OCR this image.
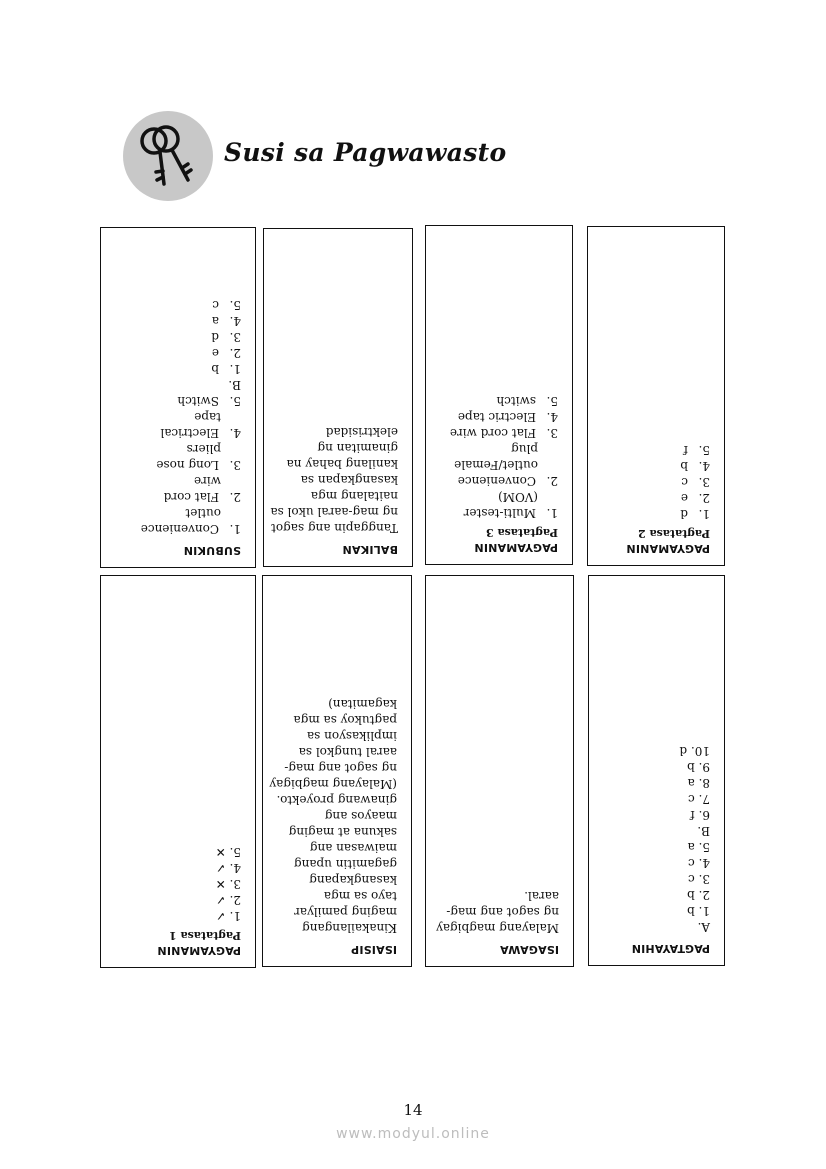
Susi sa Pagwawasto
SUBUKIN
1.Convenience
outlet
2.Flat cord
wire
3.Long nose
pliers
4.Electrical
tape
5.Switch
B.
1.b
2.e
3.d
4.a
5.c
BALIKAN
Tanggapin ang sagot
ng mag-aaral ukol sa
naitalang mga
kasangkapan sa
kanilang bahay na
ginamitan ng
elektrisidad
PAGYAMANIN
Pagtatasa 3
1.Multi-tester
(VOM)
2.Convenience
outlet/Female
plug
3.Flat cord wire
4.Electric tape
5.switch
PAGYAMANIN
Pagtatasa 2
1.d
2.e
3.c
4.b
5.f
PAGYAMANIN
Pagtatasa 1
1. ✓
2. ✓
3. ✕
4. ✓
5. ✕
ISAISIP
Kinakailangang
maging pamilyar
tayo sa mga
kasangkapang
gagamitin upang
maiwasan ang
sakuna at maging
maayos ang
ginawang proyekto.
(Malayang magbigay
ng sagot ang mag-
aaral tungkol sa
implikasyon sa
pagtukoy sa mga
kagamitan)
ISAGAWA
Malayang magbigay
ng sagot ang mag-
aaral.
PAGTAYAHIN
A.
1. b
2. b
3. c
4. c
5. a
B.
6. f
7. c
8. a
9. b
10. d
14
www.modyul.online
